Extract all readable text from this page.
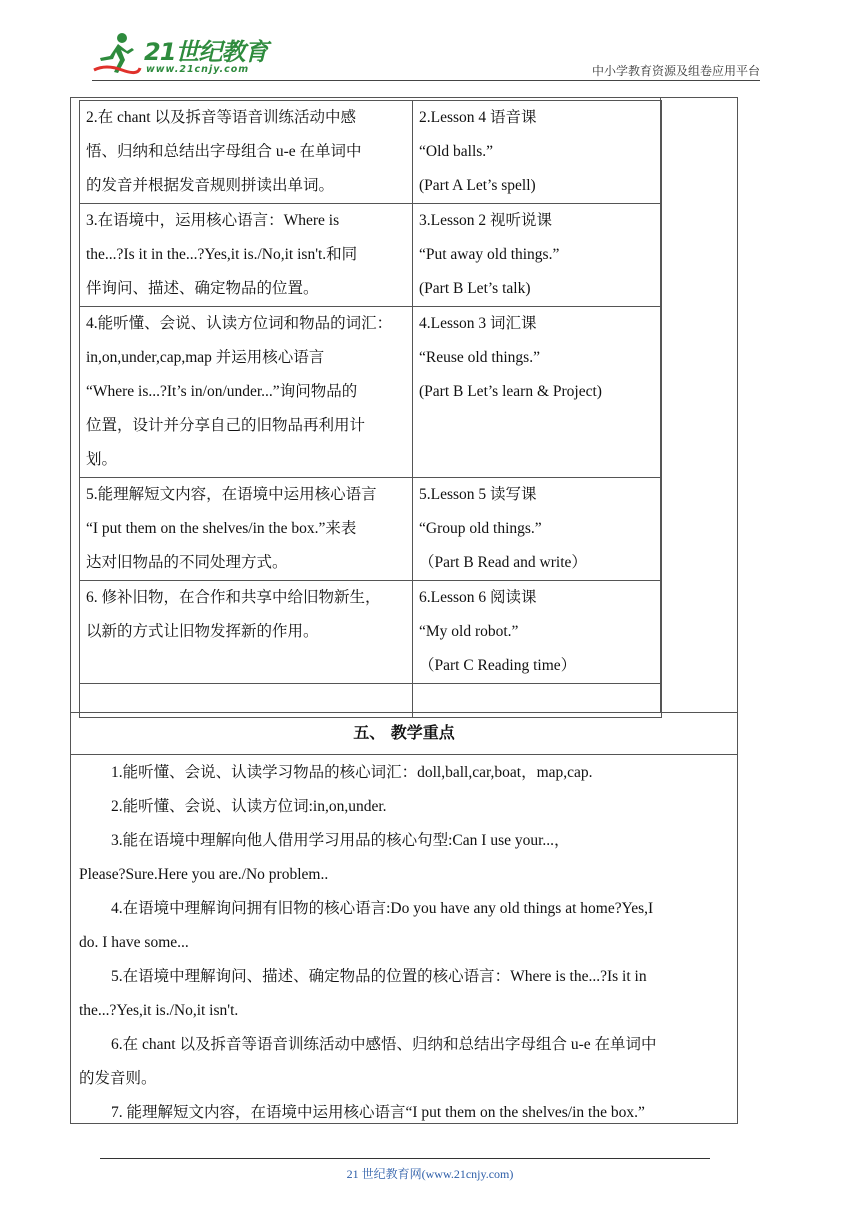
21世纪教育
www.21cnjy.com	中小学教育资源及组卷应用平台
2.在 chant 以及拆音等语音训练活动中感
悟、归纳和总结出字母组合 u-e 在单词中
的发音并根据发音规则拼读出单词。	2.Lesson 4 语音课
“Old balls.”
(Part A Let’s spell)

3.在语境中，运用核心语言：Where is
the...?Is it in the...?Yes,it is./No,it isn't.和同
伴询问、描述、确定物品的位置。	3.Lesson 2 视听说课
“Put away old things.”
(Part B Let’s talk)

4.能听懂、会说、认读方位词和物品的词汇：
in,on,under,cap,map 并运用核心语言
“Where is...?It’s in/on/under...”询问物品的
位置，设计并分享自己的旧物品再利用计
划。	4.Lesson 3 词汇课
“Reuse old things.”
(Part B Let’s learn & Project)

5.能理解短文内容，在语境中运用核心语言
“I put them on the shelves/in the box.”来表
达对旧物品的不同处理方式。	5.Lesson 5 读写课
“Group old things.”
（Part B Read and write）

6. 修补旧物，在合作和共享中给旧物新生，
以新的方式让旧物发挥新的作用。	6.Lesson 6 阅读课
“My old robot.”
（Part C Reading time）

五、 教学重点
1.能听懂、会说、认读学习物品的核心词汇：doll,ball,car,boat，map,cap.
2.能听懂、会说、认读方位词:in,on,under.
3.能在语境中理解向他人借用学习用品的核心句型:Can I use your...，
Please?Sure.Here you are./No problem..
4.在语境中理解询问拥有旧物的核心语言:Do you have any old things at home?Yes,I
do. I have some...
5.在语境中理解询问、描述、确定物品的位置的核心语言：Where is the...?Is it in
the...?Yes,it is./No,it isn't.
6.在 chant 以及拆音等语音训练活动中感悟、归纳和总结出字母组合 u-e 在单词中
的发音则。
7. 能理解短文内容，在语境中运用核心语言“I put them on the shelves/in the box.”
21 世纪教育网(www.21cnjy.com)
